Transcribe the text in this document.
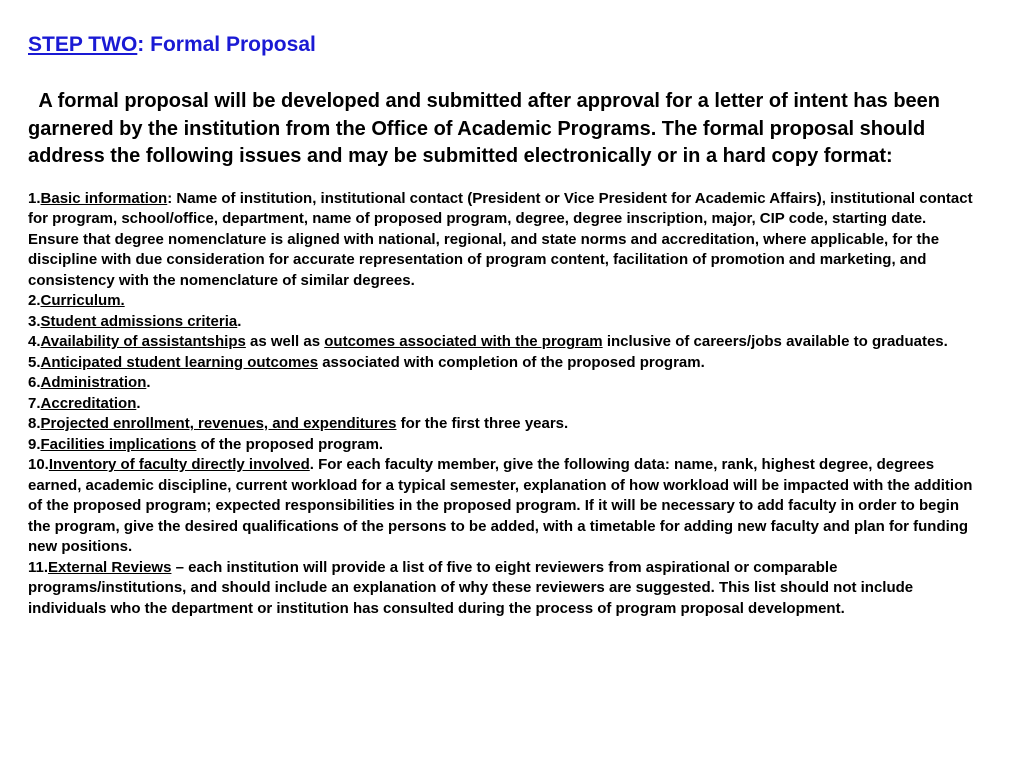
STEP TWO: Formal Proposal
A formal proposal will be developed and submitted after approval for a letter of intent has been garnered by the institution from the Office of Academic Programs. The formal proposal should address the following issues and may be submitted electronically or in a hard copy format:

1.Basic information: Name of institution, institutional contact (President or Vice President for Academic Affairs), institutional contact for program, school/office, department, name of proposed program, degree, degree inscription, major, CIP code, starting date.

Ensure that degree nomenclature is aligned with national, regional, and state norms and accreditation, where applicable, for the discipline with due consideration for accurate representation of program content, facilitation of promotion and marketing, and consistency with the nomenclature of similar degrees.

2.Curriculum.

3.Student admissions criteria.

4.Availability of assistantships as well as outcomes associated with the program inclusive of careers/jobs available to graduates.

5.Anticipated student learning outcomes associated with completion of the proposed program.

6.Administration.

7.Accreditation.

8.Projected enrollment, revenues, and expenditures for the first three years.

9.Facilities implications of the proposed program.

10.Inventory of faculty directly involved. For each faculty member, give the following data: name, rank, highest degree, degrees earned, academic discipline, current workload for a typical semester, explanation of how workload will be impacted with the addition of the proposed program; expected responsibilities in the proposed program. If it will be necessary to add faculty in order to begin the program, give the desired qualifications of the persons to be added, with a timetable for adding new faculty and plan for funding new positions.

11.External Reviews – each institution will provide a list of five to eight reviewers from aspirational or comparable programs/institutions, and should include an explanation of why these reviewers are suggested. This list should not include individuals who the department or institution has consulted during the process of program proposal development.
